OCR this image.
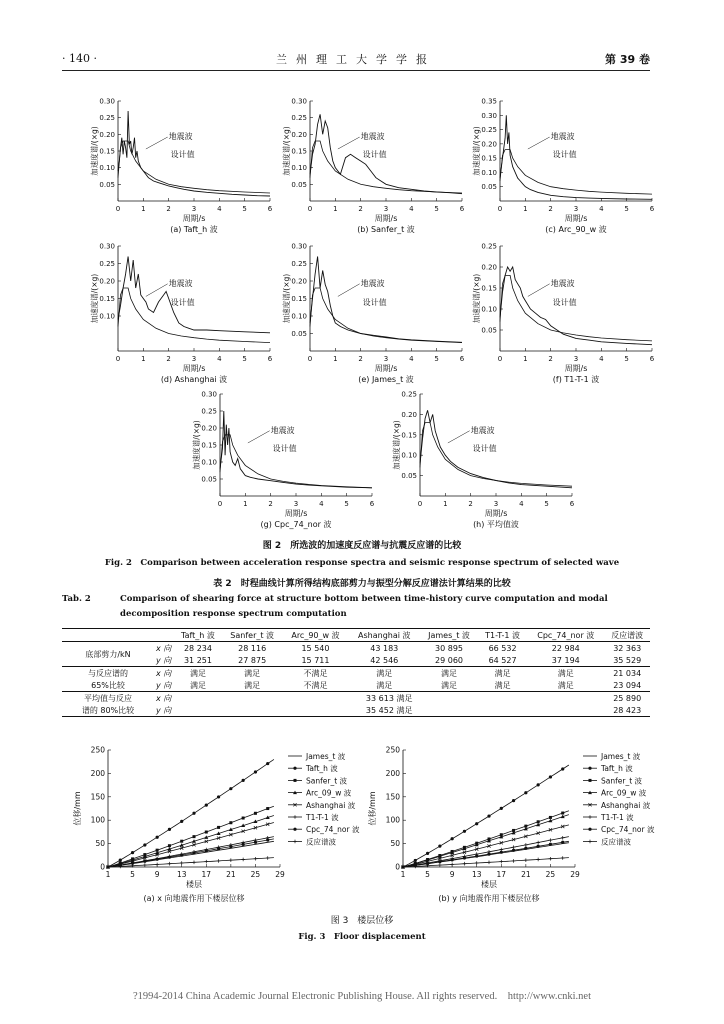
· 140 ·	兰州理工大学学报	第 39 卷
0.05
0.10
0.15
0.20
0.25
0.30
0	1	2	3	4	5	6
周期/s
加速度谱/(×g)	地震波
设计值
(a) Taft_h 波
0.05
0.10
0.15
0.20
0.25
0.30
0	1	2	3	4	5	6
周期/s
加速度谱/(×g)	地震波
设计值
(b) Sanfer_t 波
0.05
0.10
0.15
0.20
0.25
0.30
0.35
0	1	2	3	4	5	6
周期/s
加速度谱/(×g)	地震波
设计值
(c) Arc_90_w 波
0.10
0.15
0.20
0.25
0.30
0	1	2	3	4	5	6
周期/s
加速度谱/(×g)	地震波
设计值
(d) Ashanghai 波
0.05
0.10
0.15
0.20
0.25
0.30
0	1	2	3	4	5	6
周期/s
加速度谱/(×g)	地震波
设计值
(e) James_t 波
0.05
0.10
0.15
0.20
0.25
0	1	2	3	4	5	6
周期/s
加速度谱/(×g)	地震波
设计值
(f) T1-T-1 波
0.05
0.10
0.15
0.20
0.25
0.30
0	1	2	3	4	5	6
周期/s
加速度谱/(×g)	地震波
设计值
(g) Cpc_74_nor 波
0.05
0.10
0.15
0.20
0.25
0	1	2	3	4	5	6
周期/s
加速度谱/(×g)	地震波
设计值
(h) 平均值波
图 2　所选波的加速度反应谱与抗震反应谱的比较
Fig. 2　Comparison between acceleration response spectra and seismic response spectrum of selected wave
表 2　时程曲线计算所得结构底部剪力与振型分解反应谱法计算结果的比较
Tab. 2	Comparison of shearing force at structure bottom between time-history curve computation and modal decomposition response spectrum computation
		Taft_h 波	Sanfer_t 波	Arc_90_w 波	Ashanghai 波	James_t 波	T1-T-1 波	Cpc_74_nor 波	反应谱波
底部剪力/kN	x 向	28 234	28 116	15 540	43 183	30 895	66 532	22 984	32 363
	y 向	31 251	27 875	15 711	42 546	29 060	64 527	37 194	35 529
与反应谱的	x 向	满足	满足	不满足	满足	满足	满足	满足	21 034
65%比较	y 向	满足	满足	不满足	满足	满足	满足	满足	23 094
平均值与反应	x 向	33 613 满足							25 890
谱的 80%比较	y 向	35 452 满足							28 423
0
50
100
150
200
250
1	5	9 13 17 21 25 29
楼层
位移/mm
James_t 波
Taft_h 波
Sanfer_t 波
Arc_09_w 波
Ashanghai 波
T1-T-1 波
Cpc_74_nor 波
反应谱波
(a) x 向地震作用下楼层位移
0
50
100
150
200
250
1	5	9 13 17 21 25 29
楼层
位移/mm
James_t 波
Taft_h 波
Sanfer_t 波
Arc_09_w 波
Ashanghai 波
T1-T-1 波
Cpc_74_nor 波
反应谱波
(b) y 向地震作用下楼层位移
图 3　楼层位移
Fig. 3　Floor displacement
?1994-2014 China Academic Journal Electronic Publishing House. All rights reserved.　http://www.cnki.net
